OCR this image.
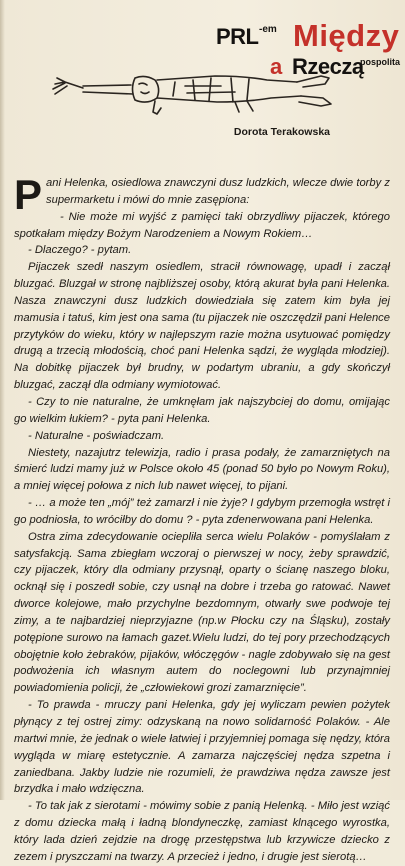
PRL -em Między
a Rzeczą
pospolita
Dorota Terakowska

Pani Helenka, osiedlowa znawczyni dusz ludzkich, wlecze dwie torby z supermarketu i mówi do mnie zasępiona:

- Nie może mi wyjść z pamięci taki obrzydliwy pijaczek, którego spotkałam między Bożym Narodzeniem a Nowym Rokiem…

- Dlaczego? - pytam.

Pijaczek szedł naszym osiedlem, stracił równowagę, upadł i zaczął bluzgać. Bluzgał w stronę najbliższej osoby, którą akurat była pani Helenka. Nasza znawczyni dusz ludzkich dowiedziała się zatem kim była jej mamusia i tatuś, kim jest ona sama (tu pijaczek nie oszczędził pani Helence przytyków do wieku, który w najlepszym razie można usytuować pomiędzy drugą a trzecią młodością, choć pani Helenka sądzi, że wygląda młodziej). Na dobitkę pijaczek był brudny, w podartym ubraniu, a gdy skończył bluzgać, zaczął dla odmiany wymiotować.

- Czy to nie naturalne, że umknęłam jak najszybciej do domu, omijając go wielkim łukiem? - pyta pani Helenka.

- Naturalne - poświadczam.

Niestety, nazajutrz telewizja, radio i prasa podały, że zamarzniętych na śmierć ludzi mamy już w Polsce około 45 (ponad 50 było po Nowym Roku), a mniej więcej połowa z nich lub nawet więcej, to pijani.

- … a może ten „mój” też zamarzł i nie żyje? I gdybym przemogła wstręt i go podniosła, to wróciłby do domu ? - pyta zdenerwowana pani Helenka.

Ostra zima zdecydowanie ociepliła serca wielu Polaków - pomyślałam z satysfakcją. Sama zbiegłam wczoraj o pierwszej w nocy, żeby sprawdzić, czy pijaczek, który dla odmiany przysnął, oparty o ścianę naszego bloku, ocknął się i poszedł sobie, czy usnął na dobre i trzeba go ratować. Nawet dworce kolejowe, mało przychylne bezdomnym, otwarły swe podwoje tej zimy, a te najbardziej nieprzyjazne (np.w Płocku czy na Śląsku), zostały potępione surowo na łamach gazet.Wielu ludzi, do tej pory przechodzących obojętnie koło żebraków, pijaków, włóczęgów - nagle zdobywało się na gest podwożenia ich własnym autem do noclegowni lub przynajmniej powiadomienia policji, że „człowiekowi grozi zamarznięcie”.

- To prawda - mruczy pani Helenka, gdy jej wyliczam pewien pożytek płynący z tej ostrej zimy: odzyskaną na nowo solidarność Polaków. - Ale martwi mnie, że jednak o wiele łatwiej i przyjemniej pomaga się nędzy, która wygląda w miarę estetycznie. A zamarza najczęściej nędza szpetna i zaniedbana. Jakby ludzie nie rozumieli, że prawdziwa nędza zawsze jest brzydka i mało wdzięczna.

- To tak jak z sierotami - mówimy sobie z panią Helenką. - Miło jest wziąć z domu dziecka małą i ładną blondyneczkę, zamiast klnącego wyrostka, który lada dzień zejdzie na drogę przestępstwa lub krzywicze dziecko z zezem i pryszczami na twarzy. A przecież i jedno, i drugie jest sierotą…
